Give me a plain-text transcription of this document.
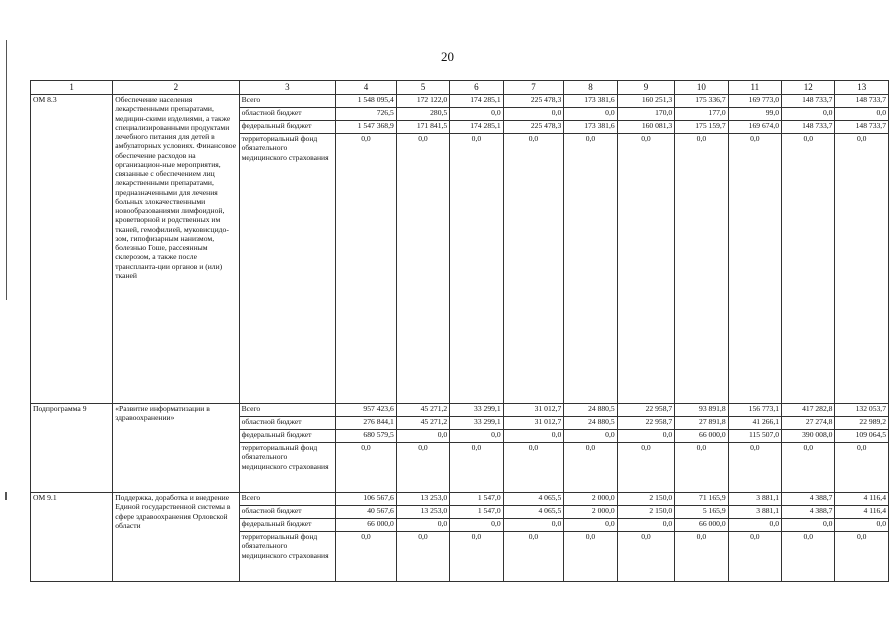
20
1	2	3	4	5	6	7	8	9	10	11	12	13
ОМ 8.3	Обеспечение населения лекарственными препаратами, медицин-скими изделиями, а также специализированными продуктами лечебного питания для детей в амбулаторных условиях. Финансовое обеспечение расходов на организацион-ные мероприятия, связанные с обеспечением лиц лекарственными препаратами, предназначенными для лечения больных злокачественными новообразованиями лимфоидной, кроветворной и родственных им тканей, гемофилией, муковисцидо-зом, гипофизарным нанизмом, болезнью Гоше, рассеянным склерозом, а также после трансплантa-ции органов и (или) тканей	Всего	1 548 095,4	172 122,0	174 285,1	225 478,3	173 381,6	160 251,3	175 336,7	169 773,0	148 733,7	148 733,7
		областной бюджет	726,5	280,5	0,0	0,0	0,0	170,0	177,0	99,0	0,0	0,0
		федеральный бюджет	1 547 368,9	171 841,5	174 285,1	225 478,3	173 381,6	160 081,3	175 159,7	169 674,0	148 733,7	148 733,7
		территориальный фонд обязательного медицинского страхования	0,0	0,0	0,0	0,0	0,0	0,0	0,0	0,0	0,0	0,0
Подпрограмма 9	«Развитие информатизации в здравоохранении»	Всего	957 423,6	45 271,2	33 299,1	31 012,7	24 880,5	22 958,7	93 891,8	156 773,1	417 282,8	132 053,7
		областной бюджет	276 844,1	45 271,2	33 299,1	31 012,7	24 880,5	22 958,7	27 891,8	41 266,1	27 274,8	22 989,2
		федеральный бюджет	680 579,5	0,0	0,0	0,0	0,0	0,0	66 000,0	115 507,0	390 008,0	109 064,5
		территориальный фонд обязательного медицинского страхования	0,0	0,0	0,0	0,0	0,0	0,0	0,0	0,0	0,0	0,0
ОМ 9.1	Поддержка, доработка и внедрение Единой государственной системы в сфере здравоохранения Орловской области	Всего	106 567,6	13 253,0	1 547,0	4 065,5	2 000,0	2 150,0	71 165,9	3 881,1	4 388,7	4 116,4
		областной бюджет	40 567,6	13 253,0	1 547,0	4 065,5	2 000,0	2 150,0	5 165,9	3 881,1	4 388,7	4 116,4
		федеральный бюджет	66 000,0	0,0	0,0	0,0	0,0	0,0	66 000,0	0,0	0,0	0,0
		территориальный фонд обязательного медицинского страхования	0,0	0,0	0,0	0,0	0,0	0,0	0,0	0,0	0,0	0,0
